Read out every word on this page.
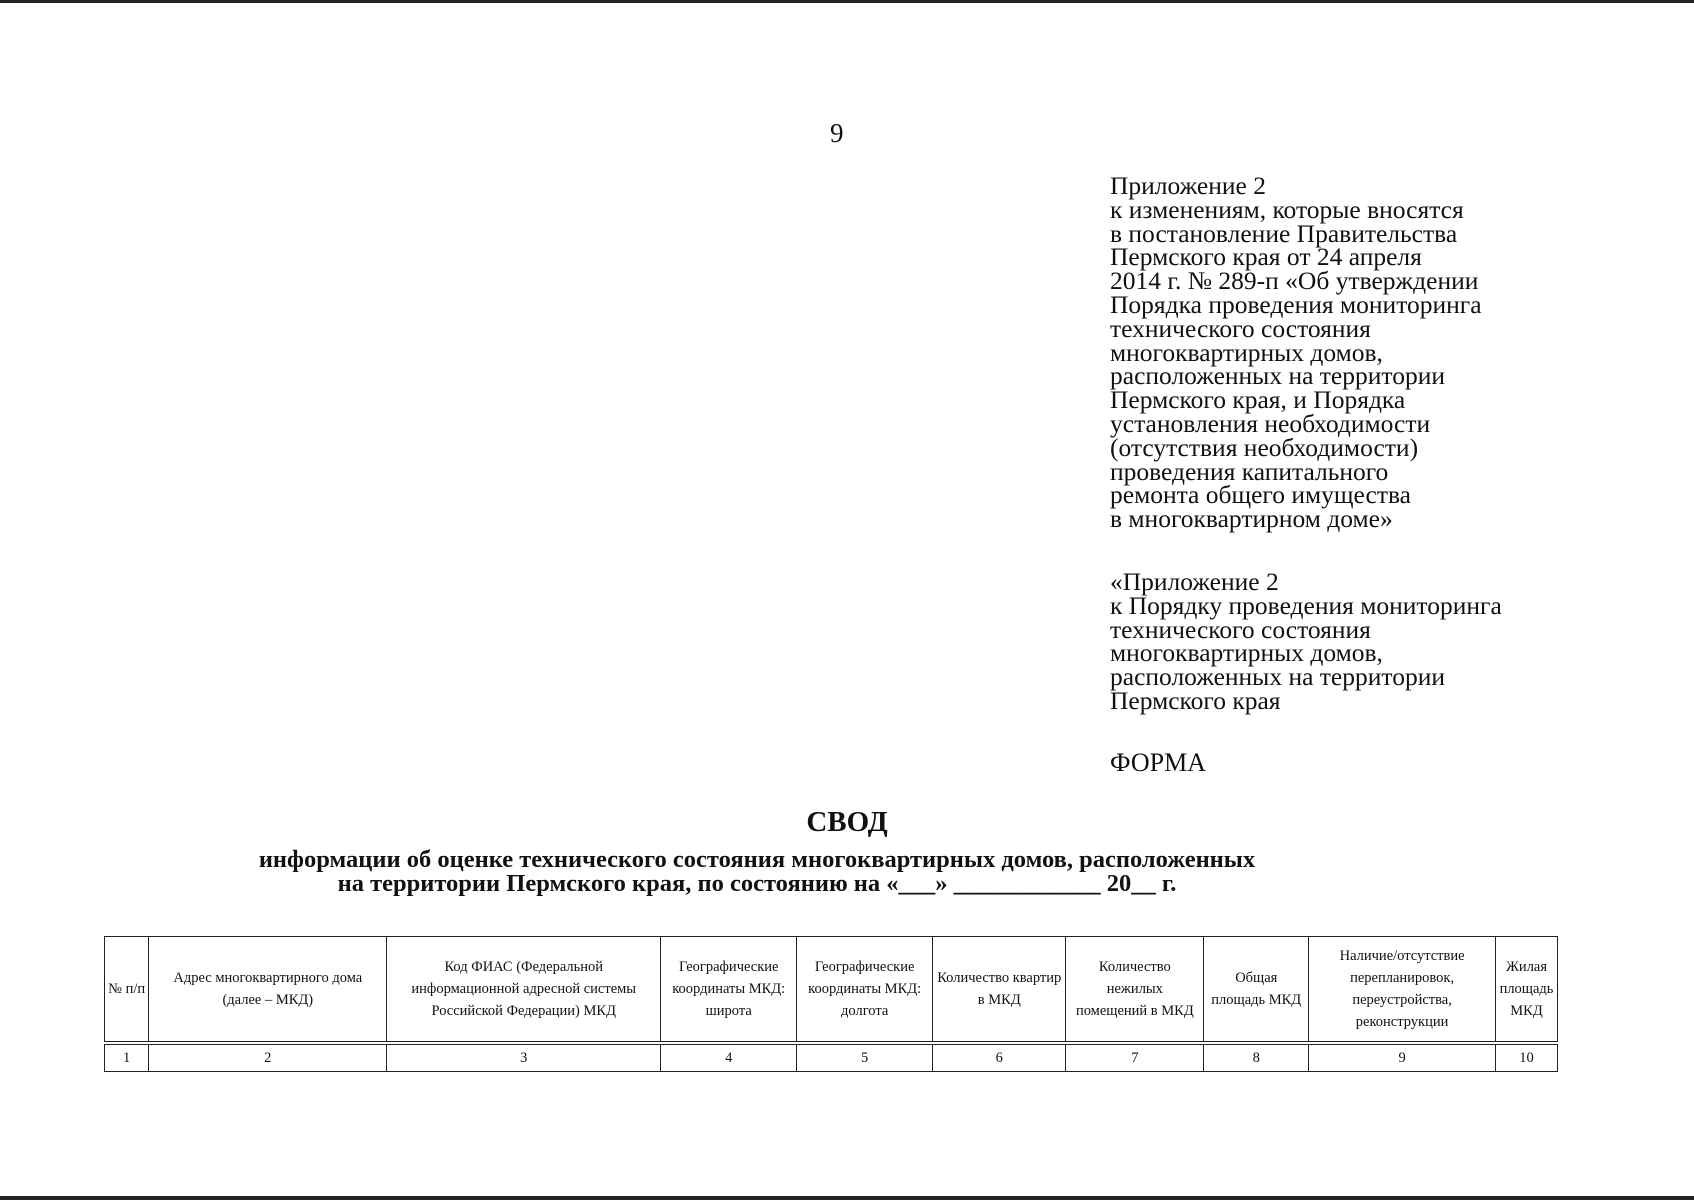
9
Приложение 2
к изменениям, которые вносятся
в постановление Правительства
Пермского края от 24 апреля
2014 г. № 289-п «Об утверждении
Порядка проведения мониторинга
технического состояния
многоквартирных домов,
расположенных на территории
Пермского края, и Порядка
установления необходимости
(отсутствия необходимости)
проведения капитального
ремонта общего имущества
в многоквартирном доме»
«Приложение 2
к Порядку проведения мониторинга
технического состояния
многоквартирных домов,
расположенных на территории
Пермского края
ФОРМА
СВОД
информации об оценке технического состояния многоквартирных домов, расположенных
на территории Пермского края, по состоянию на «___» ____________ 20__ г.
№ п/п	Адрес многоквартирного дома (далее – МКД)	Код ФИАС (Федеральной информационной адресной системы Российской Федерации) МКД	Географические координаты МКД: широта	Географические координаты МКД: долгота	Количество квартир в МКД	Количество нежилых помещений в МКД	Общая площадь МКД	Наличие/отсутствие перепланировок, переустройства, реконструкции	Жилая площадь МКД
1	2	3	4	5	6	7	8	9	10
